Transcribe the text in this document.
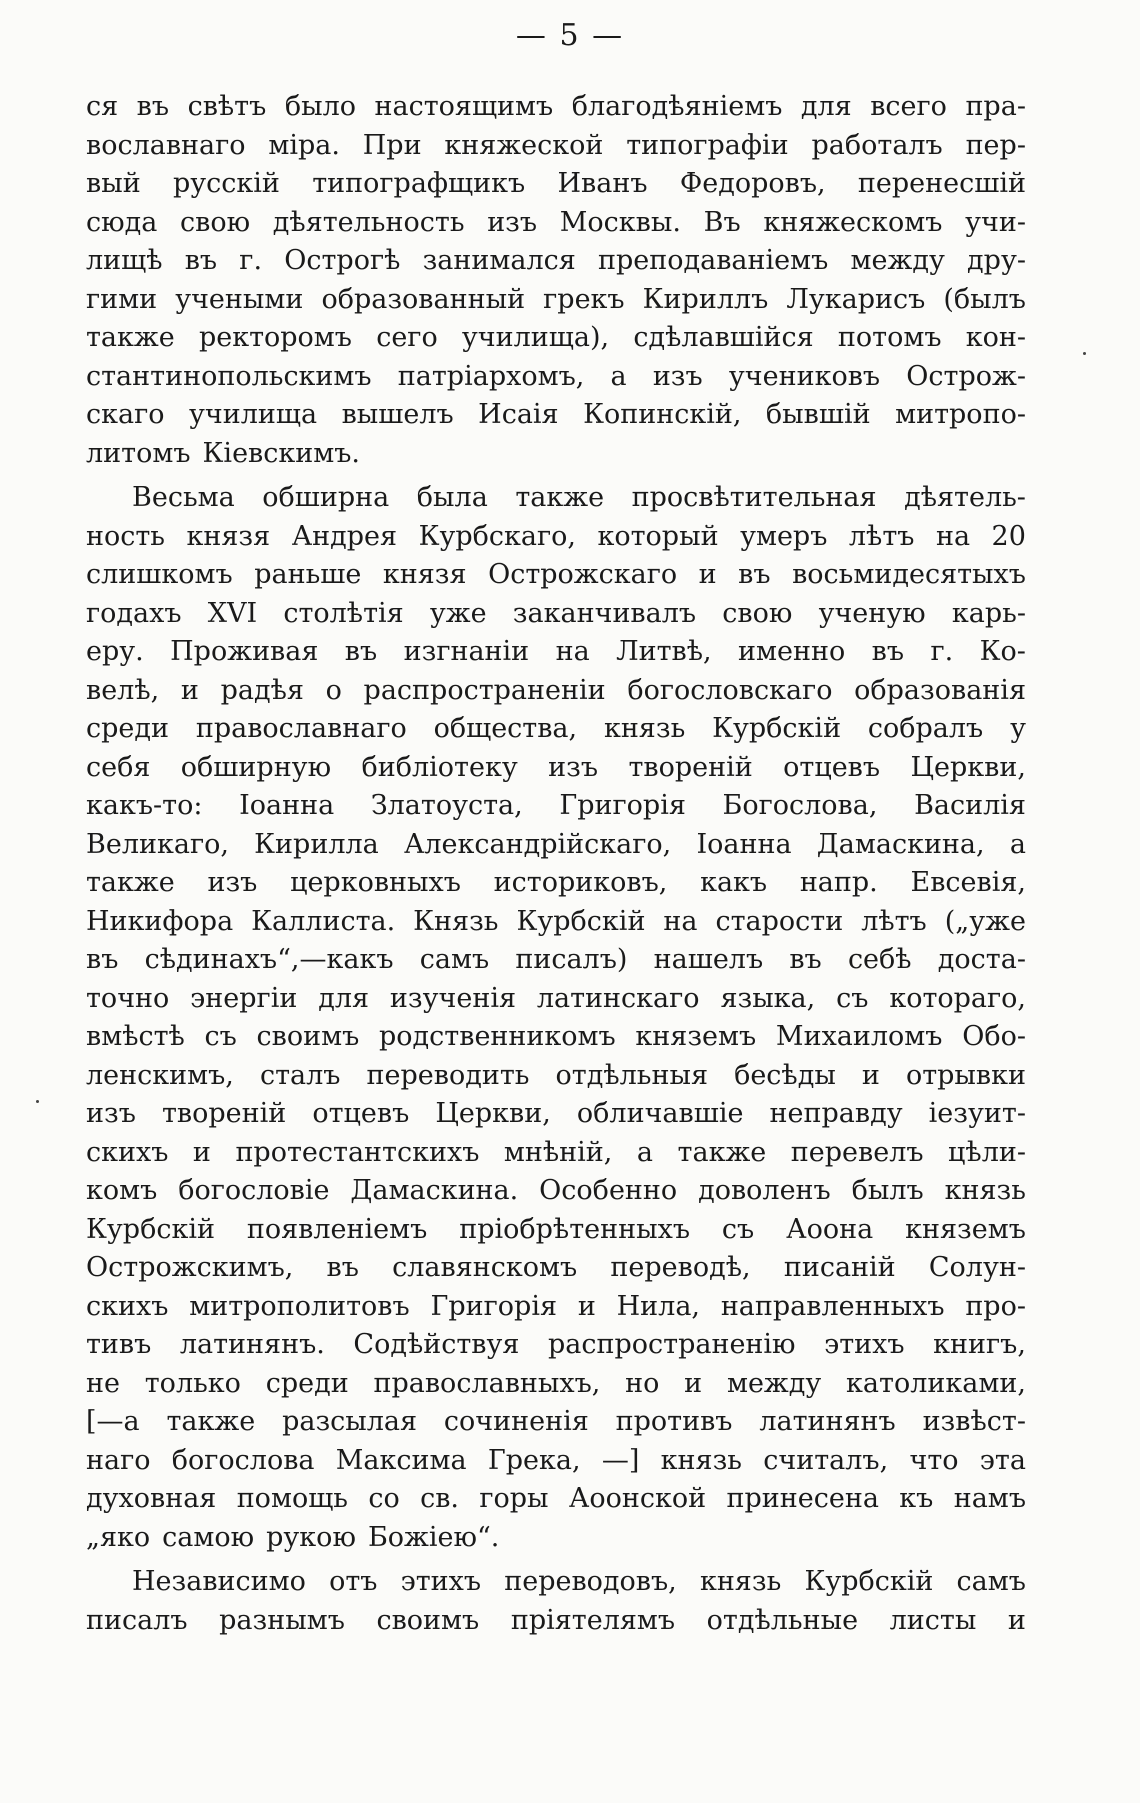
— 5 —
ся въ свѣтъ было настоящимъ благодѣяніемъ для всего пра-
вославнаго міра. При княжеской типографіи работалъ пер-
вый русскій типографщикъ Иванъ Федоровъ, перенесшій
сюда свою дѣятельность изъ Москвы. Въ княжескомъ учи-
лищѣ въ г. Острогѣ занимался преподаваніемъ между дру-
гими учеными образованный грекъ Кириллъ Лукарисъ (былъ
также ректоромъ сего училища), сдѣлавшійся потомъ кон-
стантинопольскимъ патріархомъ, а изъ учениковъ Острож-
скаго училища вышелъ Исаія Копинскій, бывшій митропо-
литомъ Кіевскимъ.
Весьма обширна была также просвѣтительная дѣятель-
ность князя Андрея Курбскаго, который умеръ лѣтъ на 20
слишкомъ раньше князя Острожскаго и въ восьмидесятыхъ
годахъ XVI столѣтія уже заканчивалъ свою ученую карь-
еру. Проживая въ изгнаніи на Литвѣ, именно въ г. Ко-
велѣ, и радѣя о распространеніи богословскаго образованія
среди православнаго общества, князь Курбскій собралъ у
себя обширную библіотеку изъ твореній отцевъ Церкви,
какъ-то: Іоанна Златоуста, Григорія Богослова, Василія
Великаго, Кирилла Александрійскаго, Іоанна Дамаскина, а
также изъ церковныхъ историковъ, какъ напр. Евсевія,
Никифора Каллиста. Князь Курбскій на старости лѣтъ („уже
въ сѣдинахъ“,—какъ самъ писалъ) нашелъ въ себѣ доста-
точно энергіи для изученія латинскаго языка, съ котораго,
вмѣстѣ съ своимъ родственникомъ княземъ Михаиломъ Обо-
ленскимъ, сталъ переводить отдѣльныя бесѣды и отрывки
изъ твореній отцевъ Церкви, обличавшіе неправду іезуит-
скихъ и протестантскихъ мнѣній, а также перевелъ цѣли-
комъ богословіе Дамаскина. Особенно доволенъ былъ князь
Курбскій появленіемъ пріобрѣтенныхъ съ Аоона княземъ
Острожскимъ, въ славянскомъ переводѣ, писаній Солун-
скихъ митрополитовъ Григорія и Нила, направленныхъ про-
тивъ латинянъ. Содѣйствуя распространенію этихъ книгъ,
не только среди православныхъ, но и между католиками,
[—а также разсылая сочиненія противъ латинянъ извѣст-
наго богослова Максима Грека, —] князь считалъ, что эта
духовная помощь со св. горы Аоонской принесена къ намъ
„яко самою рукою Божіею“.
Независимо отъ этихъ переводовъ, князь Курбскій самъ
писалъ разнымъ своимъ пріятелямъ отдѣльные листы и
